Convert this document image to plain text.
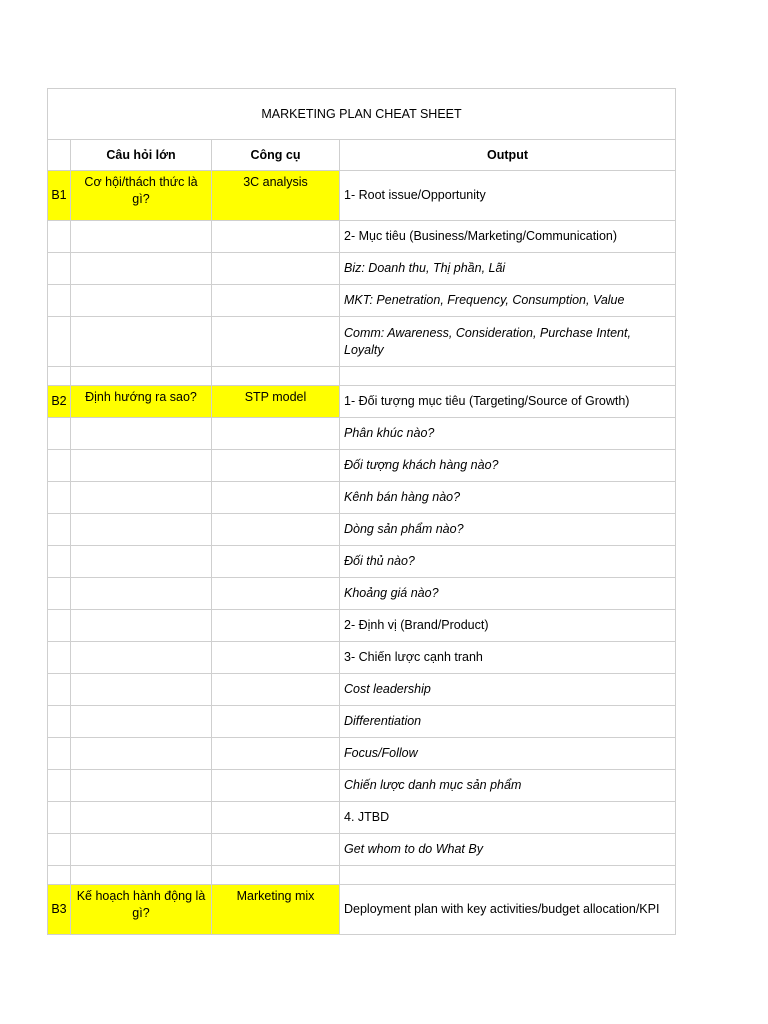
MARKETING PLAN CHEAT SHEET			
	Câu hỏi lớn	Công cụ	Output
B1	Cơ hội/thách thức là gì?	3C analysis	1- Root issue/Opportunity
			2- Mục tiêu (Business/Marketing/Communication)
			Biz: Doanh thu, Thị phần, Lãi
			MKT: Penetration, Frequency, Consumption, Value
			Comm: Awareness, Consideration, Purchase Intent, Loyalty

B2	Định hướng ra sao?	STP model	1- Đối tượng mục tiêu (Targeting/Source of Growth)
			Phân khúc nào?
			Đối tượng khách hàng nào?
			Kênh bán hàng nào?
			Dòng sản phẩm nào?
			Đối thủ nào?
			Khoảng giá nào?
			2- Định vị (Brand/Product)
			3- Chiến lược cạnh tranh
			Cost leadership
			Differentiation
			Focus/Follow
			Chiến lược danh mục sản phẩm
			4. JTBD
			Get whom to do What By

B3	Kế hoạch hành động là gì?	Marketing mix	Deployment plan with key activities/budget allocation/KPI
